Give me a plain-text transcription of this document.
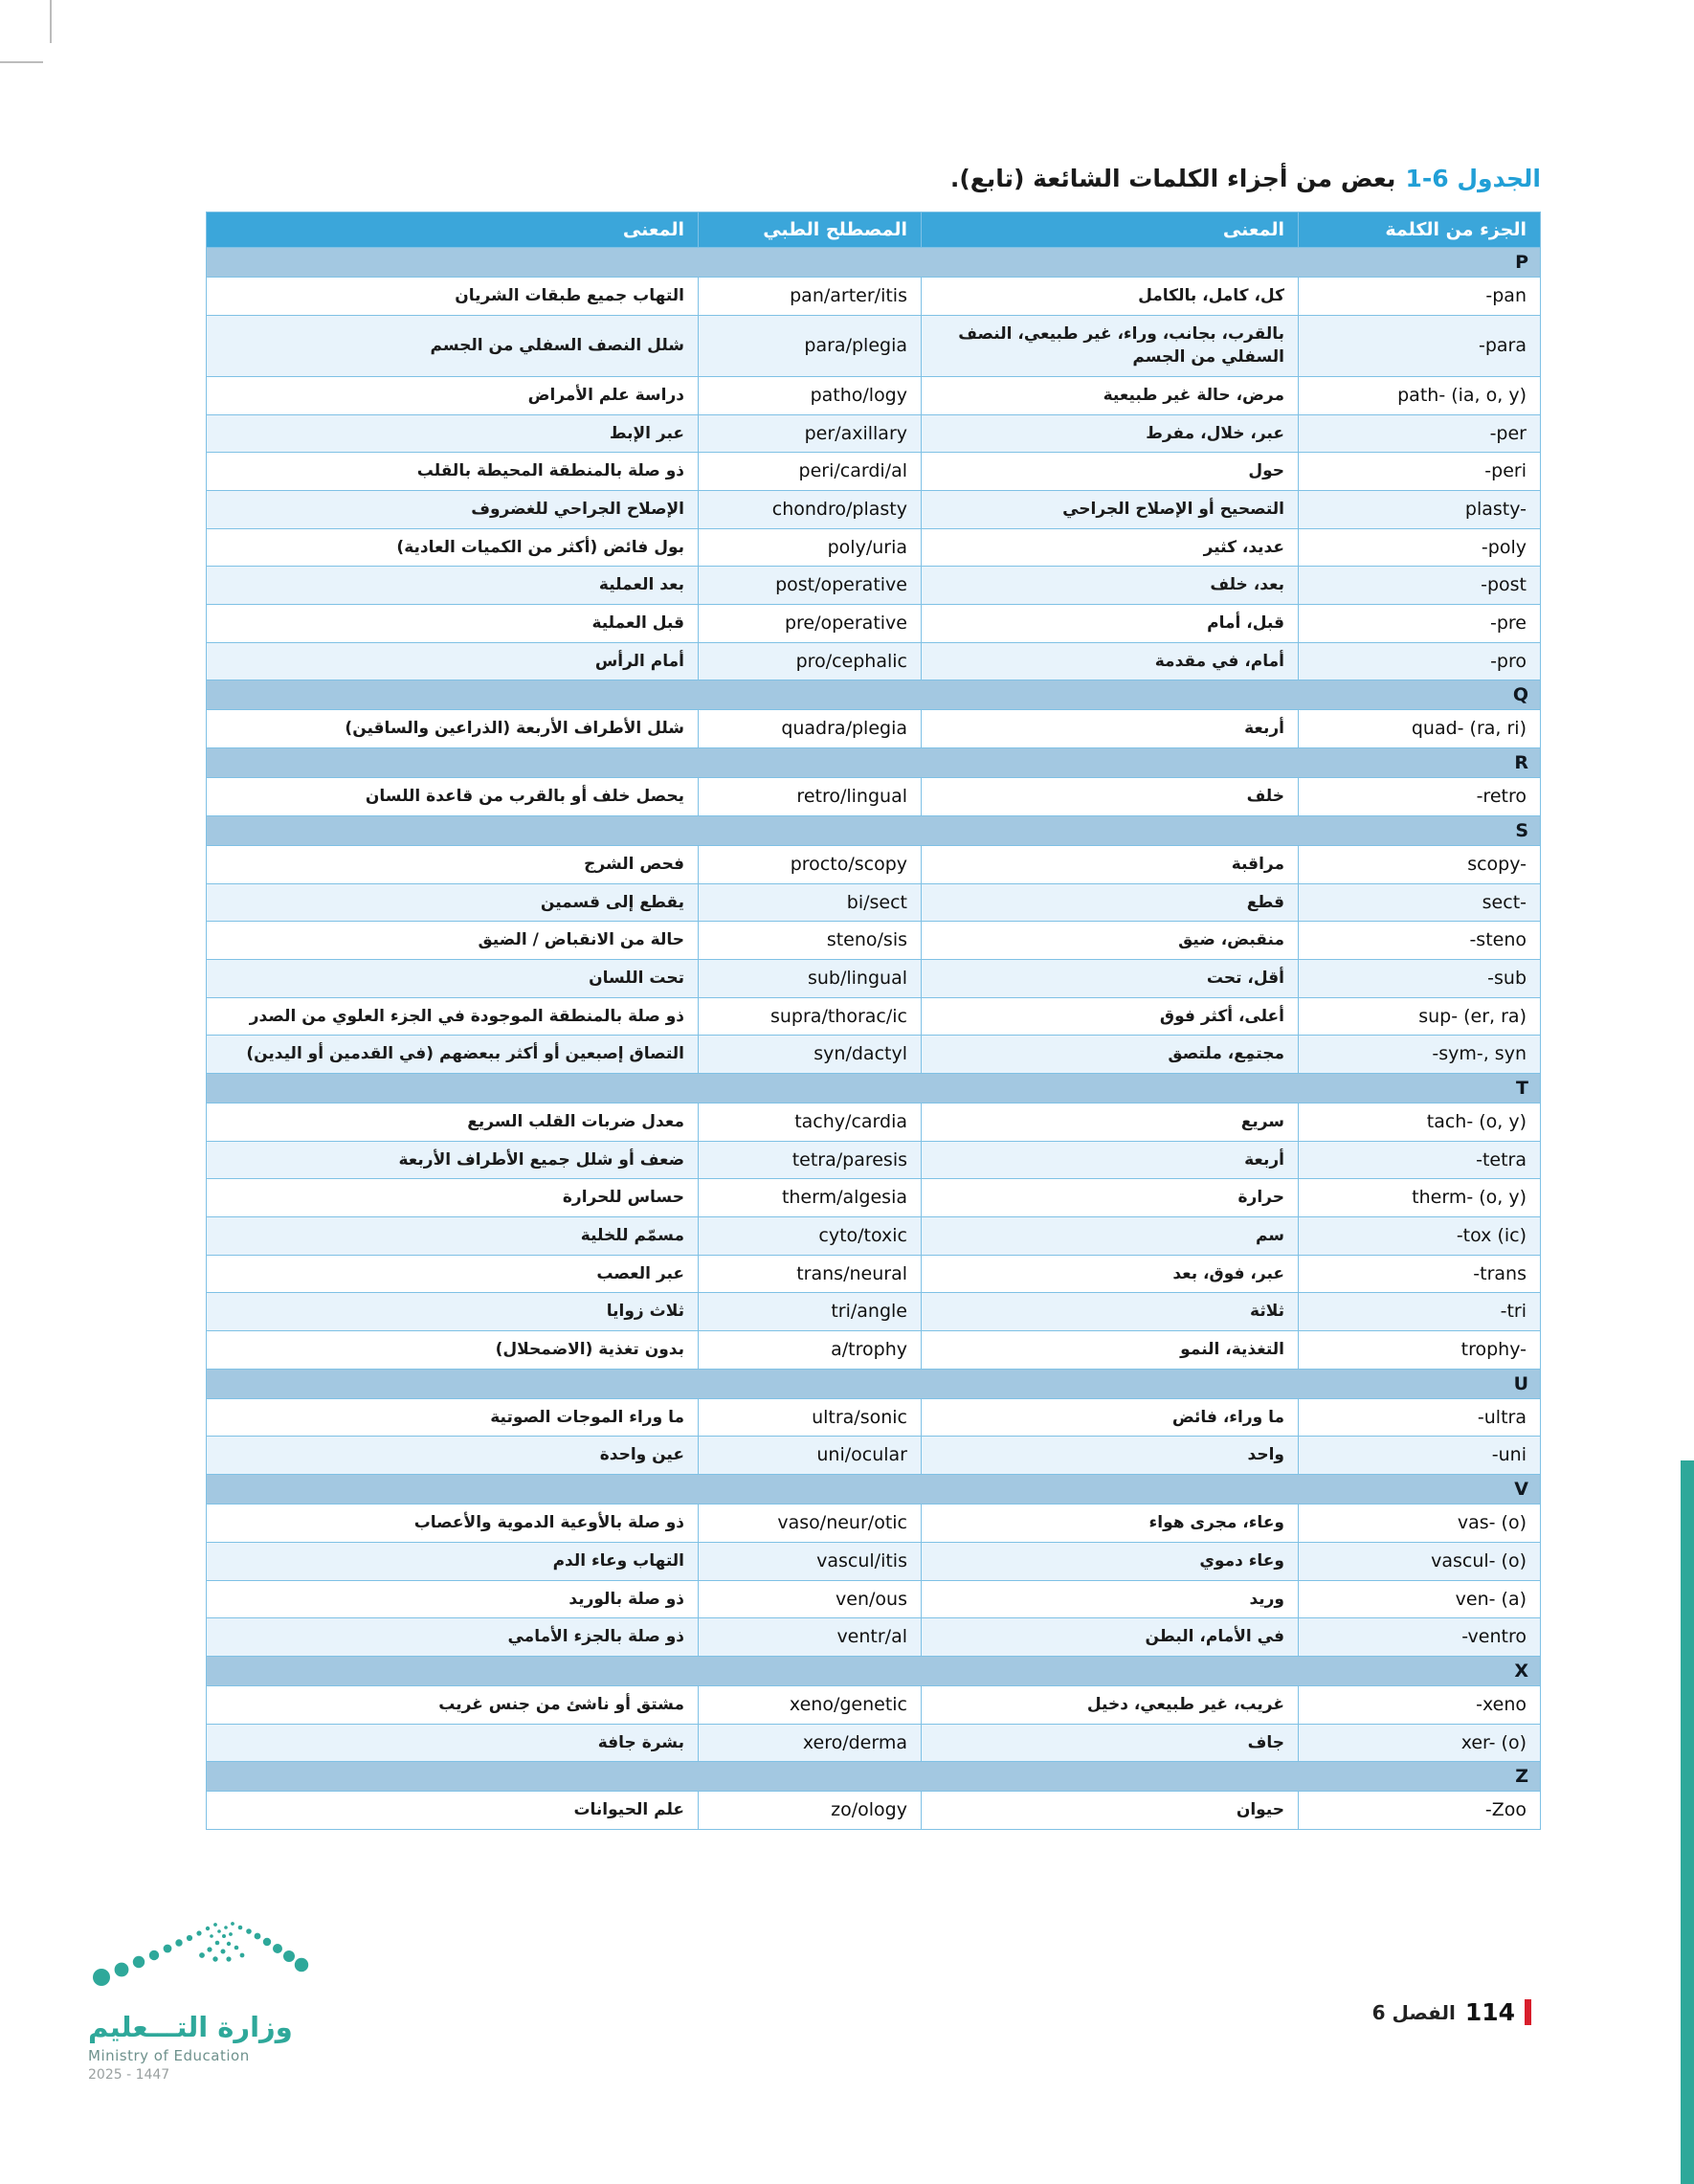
الجدول 6-1بعض من أجزاء الكلمات الشائعة (تابع).
الجزء من الكلمة	المعنى	المصطلح الطبي	المعنى
P			
-pan	كل، كامل، بالكامل	pan/arter/itis	التهاب جميع طبقات الشريان
-para	بالقرب، بجانب، وراء، غير طبيعي، النصف السفلي من الجسم	para/plegia	شلل النصف السفلي من الجسم
path- (ia, o, y)	مرض، حالة غير طبيعية	patho/logy	دراسة علم الأمراض
-per	عبر، خلال، مفرط	per/axillary	عبر الإبط
-peri	حول	peri/cardi/al	ذو صلة بالمنطقة المحيطة بالقلب
plasty-	التصحيح أو الإصلاح الجراحي	chondro/plasty	الإصلاح الجراحي للغضروف
-poly	عديد، كثير	poly/uria	بول فائض (أكثر من الكميات العادية)
-post	بعد، خلف	post/operative	بعد العملية
-pre	قبل، أمام	pre/operative	قبل العملية
-pro	أمام، في مقدمة	pro/cephalic	أمام الرأس
Q			
quad- (ra, ri)	أربعة	quadra/plegia	شلل الأطراف الأربعة (الذراعين والساقين)
R			
-retro	خلف	retro/lingual	يحصل خلف أو بالقرب من قاعدة اللسان
S			
scopy-	مراقبة	procto/scopy	فحص الشرج
sect-	قطع	bi/sect	يقطع إلى قسمين
-steno	منقبض، ضيق	steno/sis	حالة من الانقباض / الضيق
-sub	أقل، تحت	sub/lingual	تحت اللسان
sup- (er, ra)	أعلى، أكثر فوق	supra/thorac/ic	ذو صلة بالمنطقة الموجودة في الجزء العلوي من الصدر
-sym-, syn	مجتمِع، ملتصق	syn/dactyl	التصاق إصبعين أو أكثر ببعضهم (في القدمين أو اليدين)
T			
tach- (o, y)	سريع	tachy/cardia	معدل ضربات القلب السريع
-tetra	أربعة	tetra/paresis	ضعف أو شلل جميع الأطراف الأربعة
therm- (o, y)	حرارة	therm/algesia	حساس للحرارة
-tox (ic)	سم	cyto/toxic	مسمّم للخلية
-trans	عبر، فوق، بعد	trans/neural	عبر العصب
-tri	ثلاثة	tri/angle	ثلاث زوايا
trophy-	التغذية، النمو	a/trophy	بدون تغذية (الاضمحلال)
U			
-ultra	ما وراء، فائض	ultra/sonic	ما وراء الموجات الصوتية
-uni	واحد	uni/ocular	عين واحدة
V			
vas- (o)	وعاء، مجرى هواء	vaso/neur/otic	ذو صلة بالأوعية الدموية والأعصاب
vascul- (o)	وعاء دموي	vascul/itis	التهاب وعاء الدم
ven- (a)	وريد	ven/ous	ذو صلة بالوريد
-ventro	في الأمام، البطن	ventr/al	ذو صلة بالجزء الأمامي
X			
-xeno	غريب، غير طبيعي، دخيل	xeno/genetic	مشتق أو ناشئ من جنس غريب
xer- (o)	جاف	xero/derma	بشرة جافة
Z			
-Zoo	حيوان	zo/ology	علم الحيوانات
114
الفصل 6
وزارة التـــعليم
Ministry of Education
2025 - 1447
